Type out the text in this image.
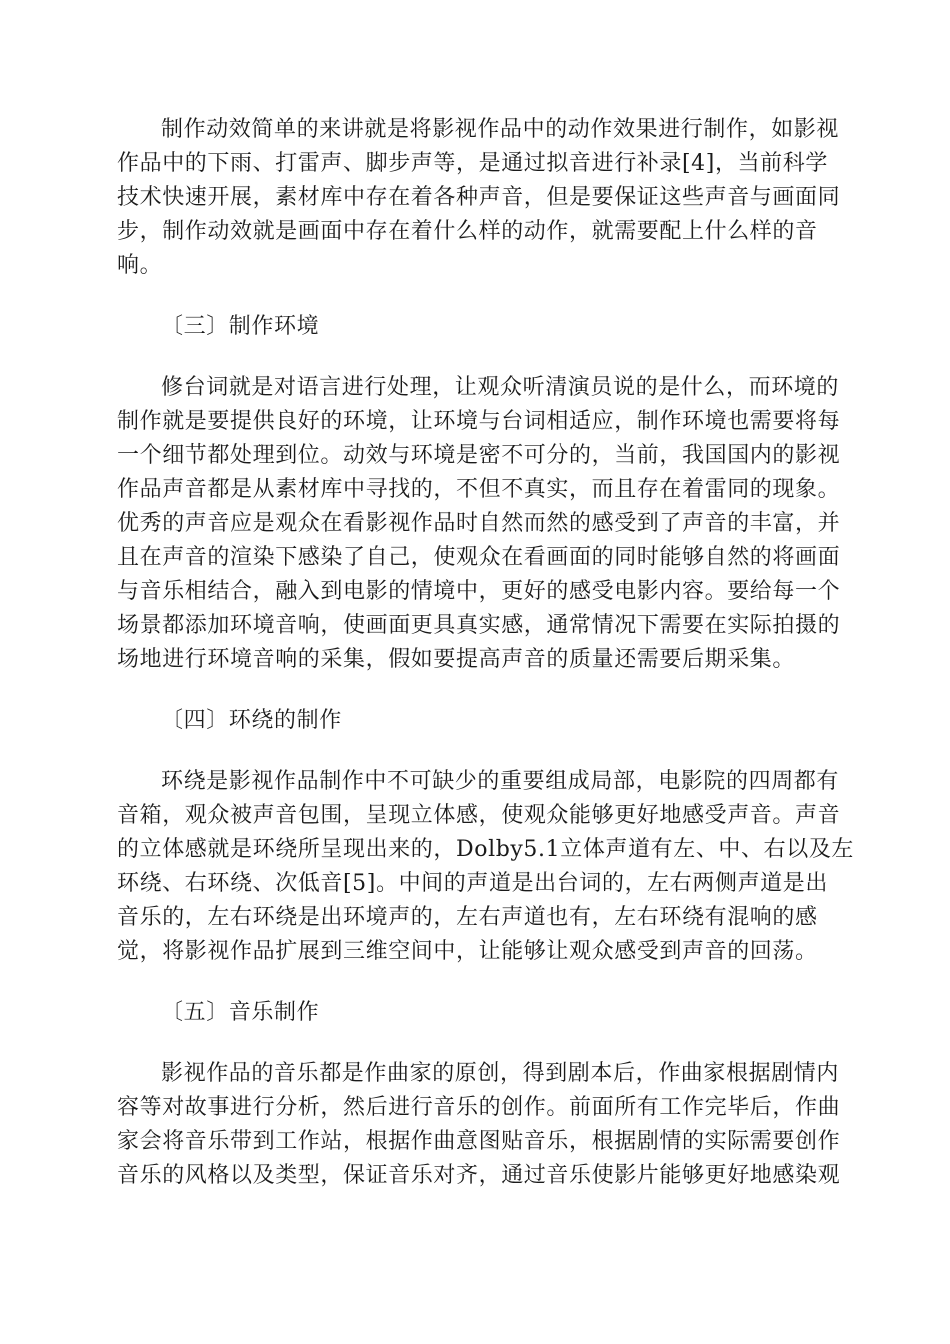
制作动效简单的来讲就是将影视作品中的动作效果进行制作，如影视
作品中的下雨、打雷声、脚步声等，是通过拟音进行补录[4]，当前科学
技术快速开展，素材库中存在着各种声音，但是要保证这些声音与画面同
步，制作动效就是画面中存在着什么样的动作，就需要配上什么样的音
响。
〔三〕制作环境
修台词就是对语言进行处理，让观众听清演员说的是什么，而环境的
制作就是要提供良好的环境，让环境与台词相适应，制作环境也需要将每
一个细节都处理到位。动效与环境是密不可分的，当前，我国国内的影视
作品声音都是从素材库中寻找的，不但不真实，而且存在着雷同的现象。
优秀的声音应是观众在看影视作品时自然而然的感受到了声音的丰富，并
且在声音的渲染下感染了自己，使观众在看画面的同时能够自然的将画面
与音乐相结合，融入到电影的情境中，更好的感受电影内容。要给每一个
场景都添加环境音响，使画面更具真实感，通常情况下需要在实际拍摄的
场地进行环境音响的采集，假如要提高声音的质量还需要后期采集。
〔四〕环绕的制作
环绕是影视作品制作中不可缺少的重要组成局部，电影院的四周都有
音箱，观众被声音包围，呈现立体感，使观众能够更好地感受声音。声音
的立体感就是环绕所呈现出来的，Dolby5.1立体声道有左、中、右以及左
环绕、右环绕、次低音[5]。中间的声道是出台词的，左右两侧声道是出
音乐的，左右环绕是出环境声的，左右声道也有，左右环绕有混响的感
觉，将影视作品扩展到三维空间中，让能够让观众感受到声音的回荡。
〔五〕音乐制作
影视作品的音乐都是作曲家的原创，得到剧本后，作曲家根据剧情内
容等对故事进行分析，然后进行音乐的创作。前面所有工作完毕后，作曲
家会将音乐带到工作站，根据作曲意图贴音乐，根据剧情的实际需要创作
音乐的风格以及类型，保证音乐对齐，通过音乐使影片能够更好地感染观
